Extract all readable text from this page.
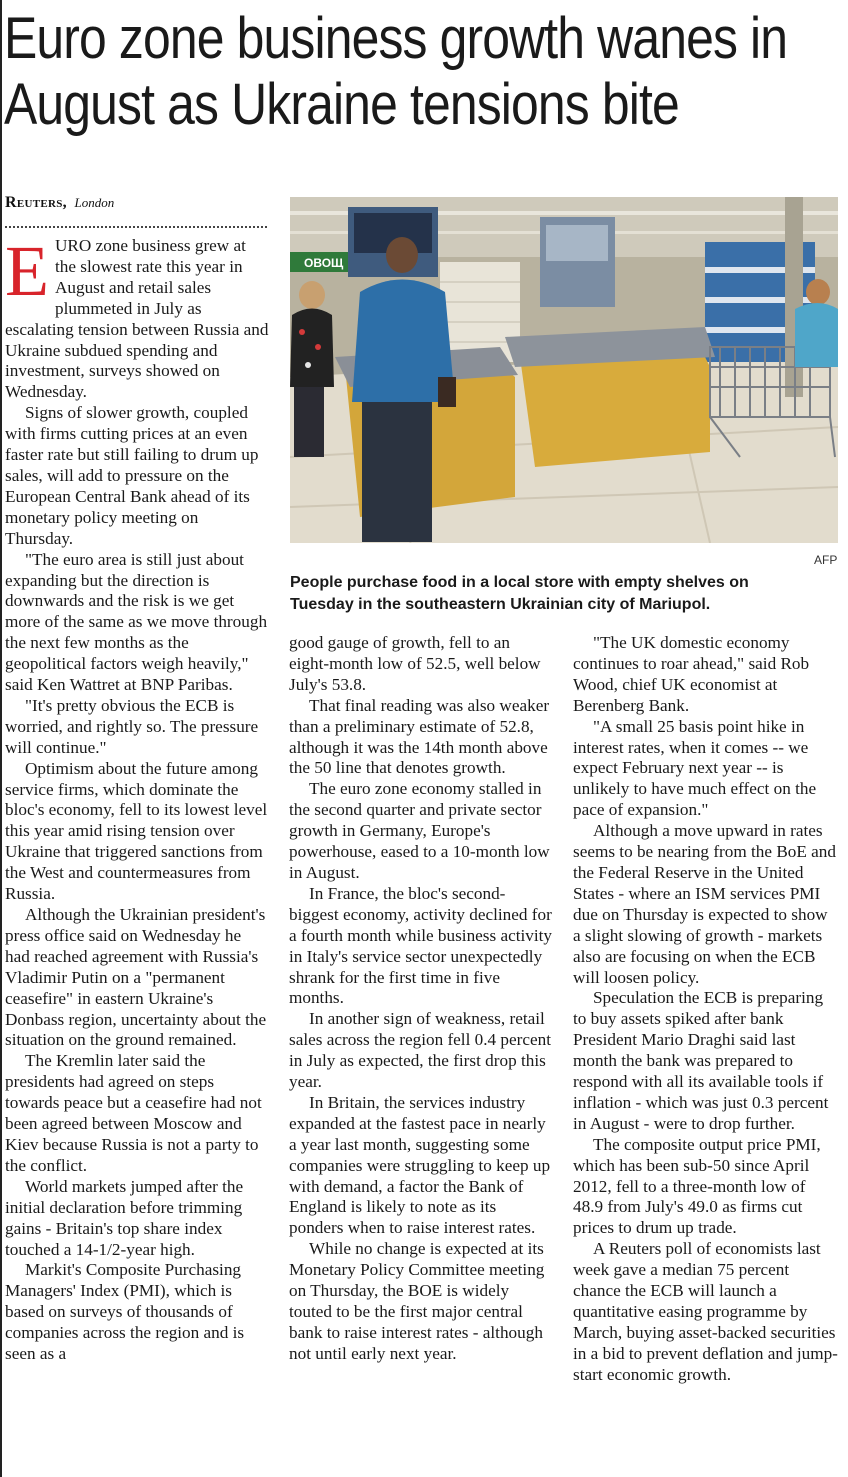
Euro zone business growth wanes in August as Ukraine tensions bite
Reuters, London
ОВОЩ
AFP
People purchase food in a local store with empty shelves on Tuesday in the southeastern Ukrainian city of Mariupol.
E URO zone business grew at the slowest rate this year in August and retail sales plummeted in July as escalating tension between Russia and Ukraine subdued spending and investment, surveys showed on Wednesday.

Signs of slower growth, coupled with firms cutting prices at an even faster rate but still failing to drum up sales, will add to pressure on the European Central Bank ahead of its monetary policy meeting on Thursday.

"The euro area is still just about expanding but the direction is downwards and the risk is we get more of the same as we move through the next few months as the geopolitical factors weigh heavily," said Ken Wattret at BNP Paribas.

"It's pretty obvious the ECB is worried, and rightly so. The pressure will continue."

Optimism about the future among service firms, which dominate the bloc's economy, fell to its lowest level this year amid rising tension over Ukraine that triggered sanctions from the West and countermeasures from Russia.

Although the Ukrainian president's press office said on Wednesday he had reached agreement with Russia's Vladimir Putin on a "permanent ceasefire" in eastern Ukraine's Donbass region, uncertainty about the situation on the ground remained.

The Kremlin later said the presidents had agreed on steps towards peace but a ceasefire had not been agreed between Moscow and Kiev because Russia is not a party to the conflict.

World markets jumped after the initial declaration before trimming gains - Britain's top share index touched a 14-1/2-year high.

Markit's Composite Purchasing Managers' Index (PMI), which is based on surveys of thousands of companies across the region and is seen as a

good gauge of growth, fell to an eight-month low of 52.5, well below July's 53.8.

That final reading was also weaker than a preliminary estimate of 52.8, although it was the 14th month above the 50 line that denotes growth.

The euro zone economy stalled in the second quarter and private sector growth in Germany, Europe's powerhouse, eased to a 10-month low in August.

In France, the bloc's second-biggest economy, activity declined for a fourth month while business activity in Italy's service sector unexpectedly shrank for the first time in five months.

In another sign of weakness, retail sales across the region fell 0.4 percent in July as expected, the first drop this year.

In Britain, the services industry expanded at the fastest pace in nearly a year last month, suggesting some companies were struggling to keep up with demand, a factor the Bank of England is likely to note as its ponders when to raise interest rates.

While no change is expected at its Monetary Policy Committee meeting on Thursday, the BOE is widely touted to be the first major central bank to raise interest rates - although not until early next year.

"The UK domestic economy continues to roar ahead," said Rob Wood, chief UK economist at Berenberg Bank.

"A small 25 basis point hike in interest rates, when it comes -- we expect February next year -- is unlikely to have much effect on the pace of expansion."

Although a move upward in rates seems to be nearing from the BoE and the Federal Reserve in the United States - where an ISM services PMI due on Thursday is expected to show a slight slowing of growth - markets also are focusing on when the ECB will loosen policy.

Speculation the ECB is preparing to buy assets spiked after bank President Mario Draghi said last month the bank was prepared to respond with all its available tools if inflation - which was just 0.3 percent in August - were to drop further.

The composite output price PMI, which has been sub-50 since April 2012, fell to a three-month low of 48.9 from July's 49.0 as firms cut prices to drum up trade.

A Reuters poll of economists last week gave a median 75 percent chance the ECB will launch a quantitative easing programme by March, buying asset-backed securities in a bid to prevent deflation and jump-start economic growth.
